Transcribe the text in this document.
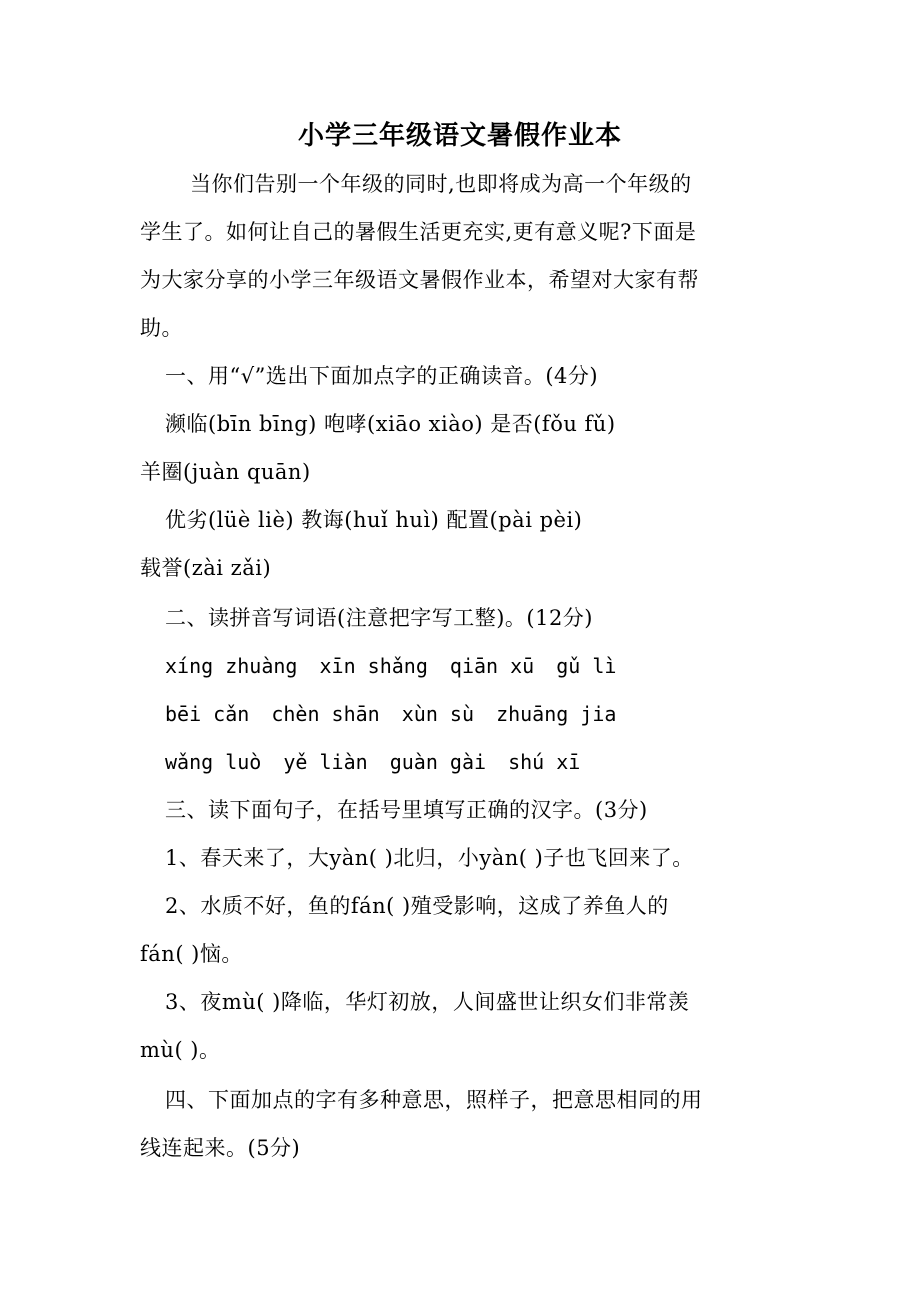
小学三年级语文暑假作业本
当你们告别一个年级的同时,也即将成为高一个年级的
学生了。如何让自己的暑假生活更充实,更有意义呢?下面是
为大家分享的小学三年级语文暑假作业本，希望对大家有帮
助。
一、用“√”选出下面加点字的正确读音。(4分)
濒临(bīn bīng) 咆哮(xiāo xiào) 是否(fǒu fǔ)
羊圈(juàn quān)
优劣(lüè liè) 教诲(huǐ huì) 配置(pài pèi)
载誉(zài zǎi)
二、读拼音写词语(注意把字写工整)。(12分)
xíng zhuàng xīn shǎng qiān xū gǔ lì
bēi cǎn chèn shān xùn sù zhuāng jia
wǎng luò yě liàn guàn gài shú xī
三、读下面句子，在括号里填写正确的汉字。(3分)
1、春天来了，大yàn( )北归，小yàn( )子也飞回来了。
2、水质不好，鱼的fán( )殖受影响，这成了养鱼人的
fán( )恼。
3、夜mù( )降临，华灯初放，人间盛世让织女们非常羡
mù( )。
四、下面加点的字有多种意思，照样子，把意思相同的用
线连起来。(5分)
